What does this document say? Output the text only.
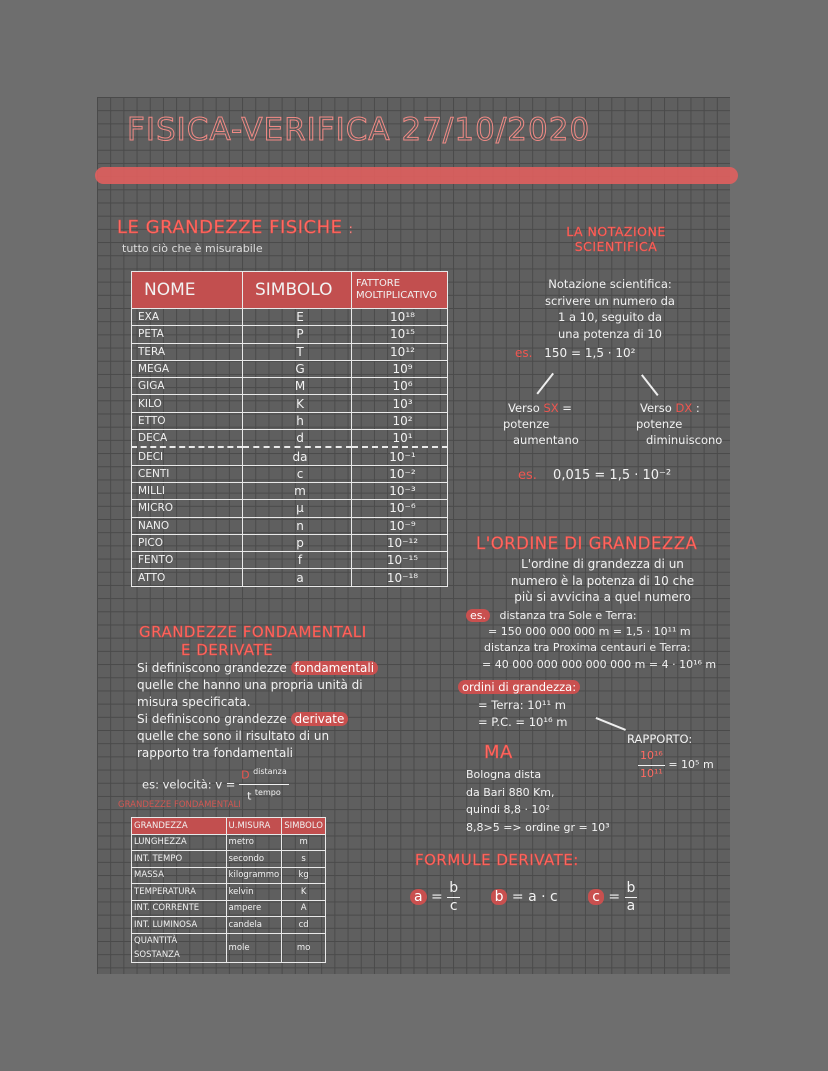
FISICA-VERIFICA 27/10/2020
LE GRANDEZZE FISICHE :
tutto ciò che è misurabile
NOME	SIMBOLO	FATTORE MOLTIPLICATIVO
EXA	E	10¹⁸
PETA	P	10¹⁵
TERA	T	10¹²
MEGA	G	10⁹
GIGA	M	10⁶
KILO	K	10³
ETTO	h	10²
DECA	d	10¹
DECI	da	10⁻¹
CENTI	c	10⁻²
MILLI	m	10⁻³
MICRO	μ	10⁻⁶
NANO	n	10⁻⁹
PICO	p	10⁻¹²
FENTO	f	10⁻¹⁵
ATTO	a	10⁻¹⁸
LA NOTAZIONE
SCIENTIFICA
Notazione scientifica:
scrivere un numero da
1 a 10, seguito da
una potenza di 10
es. 150 = 1,5 · 10²
Verso SX =
potenze
aumentano
Verso DX :
potenze
diminuiscono
es. 0,015 = 1,5 · 10⁻²
L'ORDINE DI GRANDEZZA
L'ordine di grandezza di un
numero è la potenza di 10 che
più si avvicina a quel numero
es. distanza tra Sole e Terra:
= 150 000 000 000 m = 1,5 · 10¹¹ m
distanza tra Proxima centauri e Terra:
= 40 000 000 000 000 000 m = 4 · 10¹⁶ m
ordini di grandezza:
= Terra: 10¹¹ m
= P.C. = 10¹⁶ m
RAPPORTO:
$\frac{\text{10¹⁶}}{\text{10¹¹}} = 10^5$ m
MA
Bologna dista
da Bari 880 Km,
quindi 8,8 · 10²
8,8>5 => ordine gr = 10³
GRANDEZZE FONDAMENTALI
E DERIVATE
Si definiscono grandezze fondamentali
quelle che hanno una propria unità di
misura specificata.
Si definiscono grandezze derivate
quelle che sono il risultato di un
rapporto tra fondamentali
es: velocità: $v = \frac{D ^{distanza}}{t ^{tempo}}$
GRANDEZZE FONDAMENTALI
GRANDEZZA	U.MISURA	SIMBOLO
LUNGHEZZA	metro	m
INT. TEMPO	secondo	s
MASSA	kilogrammo	kg
TEMPERATURA	kelvin	K
INT. CORRENTE	ampere	A
INT. LUMINOSA	candela	cd
QUANTITÀ SOSTANZA	mole	mo
FORMULE DERIVATE:
$a = \frac{b}{c}$ b = a · c $c = \frac{b}{a}$
